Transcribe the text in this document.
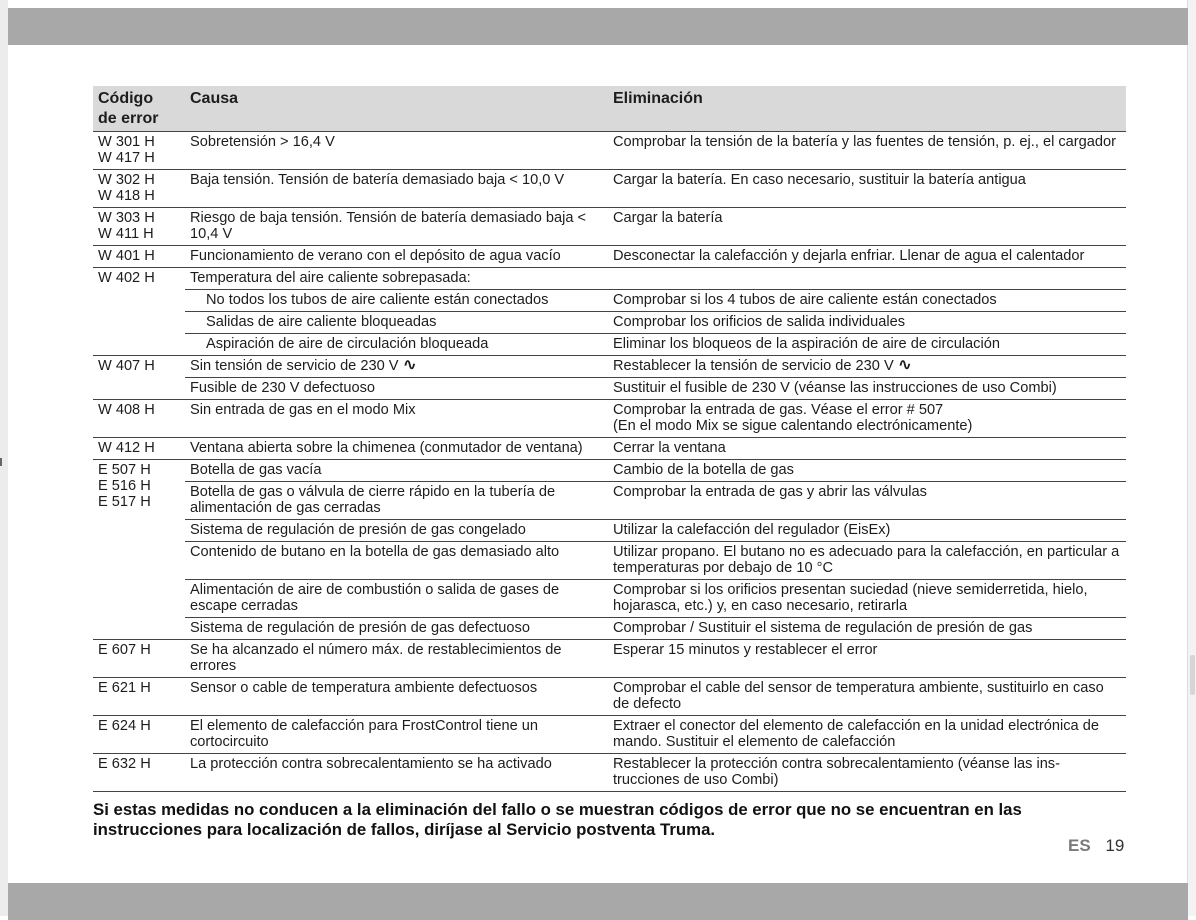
Código
de error	Causa	Eliminación

W 301 H
W 417 H	Sobretensión > 16,4 V	Comprobar la tensión de la batería y las fuentes de tensión, p. ej., el cargador

W 302 H
W 418 H	Baja tensión. Tensión de batería demasiado baja < 10,0 V	Cargar la batería. En caso necesario, sustituir la batería antigua

W 303 H
W 411 H	Riesgo de baja tensión. Tensión de batería demasiado baja < 10,4 V	Cargar la batería

W 401 H	Funcionamiento de verano con el depósito de agua vacío	Desconectar la calefacción y dejarla enfriar. Llenar de agua el calentador

W 402 H	Temperatura del aire caliente sobrepasada:	
	No todos los tubos de aire caliente están conectados	Comprobar si los 4 tubos de aire caliente están conectados
	Salidas de aire caliente bloqueadas	Comprobar los orificios de salida individuales
	Aspiración de aire de circulación bloqueada	Eliminar los bloqueos de la aspiración de aire de circulación

W 407 H	Sin tensión de servicio de 230 V ∿	Restablecer la tensión de servicio de 230 V ∿
	Fusible de 230 V defectuoso	Sustituir el fusible de 230 V (véanse las instrucciones de uso Combi)

W 408 H	Sin entrada de gas en el modo Mix	Comprobar la entrada de gas. Véase el error # 507
(En el modo Mix se sigue calentando electrónicamente)

W 412 H	Ventana abierta sobre la chimenea (conmutador de ventana)	Cerrar la ventana

E 507 H
E 516 H
E 517 H	Botella de gas vacía	Cambio de la botella de gas
	Botella de gas o válvula de cierre rápido en la tubería de alimentación de gas cerradas	Comprobar la entrada de gas y abrir las válvulas
	Sistema de regulación de presión de gas congelado	Utilizar la calefacción del regulador (EisEx)
	Contenido de butano en la botella de gas demasiado alto	Utilizar propano. El butano no es adecuado para la calefacción, en particular a temperaturas por debajo de 10 °C
	Alimentación de aire de combustión o salida de gases de escape cerradas	Comprobar si los orificios presentan suciedad (nieve semiderretida, hielo, hojarasca, etc.) y, en caso necesario, retirarla
	Sistema de regulación de presión de gas defectuoso	Comprobar / Sustituir el sistema de regulación de presión de gas

E 607 H	Se ha alcanzado el número máx. de restablecimientos de errores	Esperar 15 minutos y restablecer el error

E 621 H	Sensor o cable de temperatura ambiente defectuosos	Comprobar el cable del sensor de temperatura ambiente, sustituirlo en caso de defecto

E 624 H	El elemento de calefacción para FrostControl tiene un cortocircuito	Extraer el conector del elemento de calefacción en la unidad electrónica de mando. Sustituir el elemento de calefacción

E 632 H	La protección contra sobrecalentamiento se ha activado	Restablecer la protección contra sobrecalentamiento (véanse las instrucciones de uso Combi)
Si estas medidas no conducen a la eliminación del fallo o se muestran códigos de error que no se encuentran en las instrucciones para localización de fallos, diríjase al Servicio postventa Truma.
ES 19
